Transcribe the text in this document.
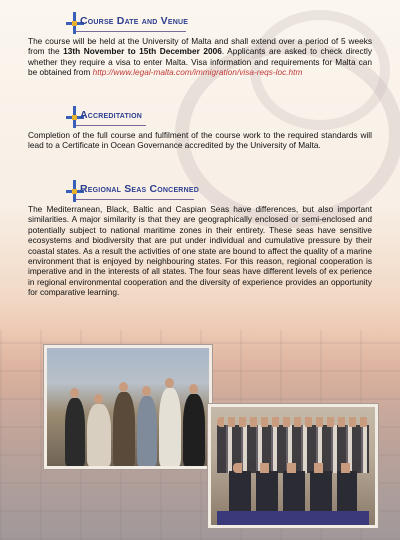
Course Date and Venue
The course will be held at the University of Malta and shall extend over a period of 5 weeks from the 13th November to 15th December 2006. Applicants are asked to check directly whether they require a visa to enter Malta. Visa information and requirements for Malta can be obtained from http://www.legal-malta.com/immigration/visa-reqs-loc.htm
Accreditation
Completion of the full course and fulfilment of the course work to the required standards will lead to a Certificate in Ocean Governance accredited by the University of Malta.
Regional Seas Concerned
The Mediterranean, Black, Baltic and Caspian Seas have differences, but also important similarities. A major similarity is that they are geographically enclosed or semi-enclosed and potentially subject to national maritime zones in their entirety. These seas have sensitive ecosystems and biodiversity that are put under individual and cumulative pressure by their coastal states. As a result the activities of one state are bound to affect the quality of a marine environment that is enjoyed by neighbouring states. For this reason, regional cooperation is imperative and in the interests of all states. The four seas have different levels of ex perience in regional environmental cooperation and the diversity of experience provides an opportunity for comparative learning.
